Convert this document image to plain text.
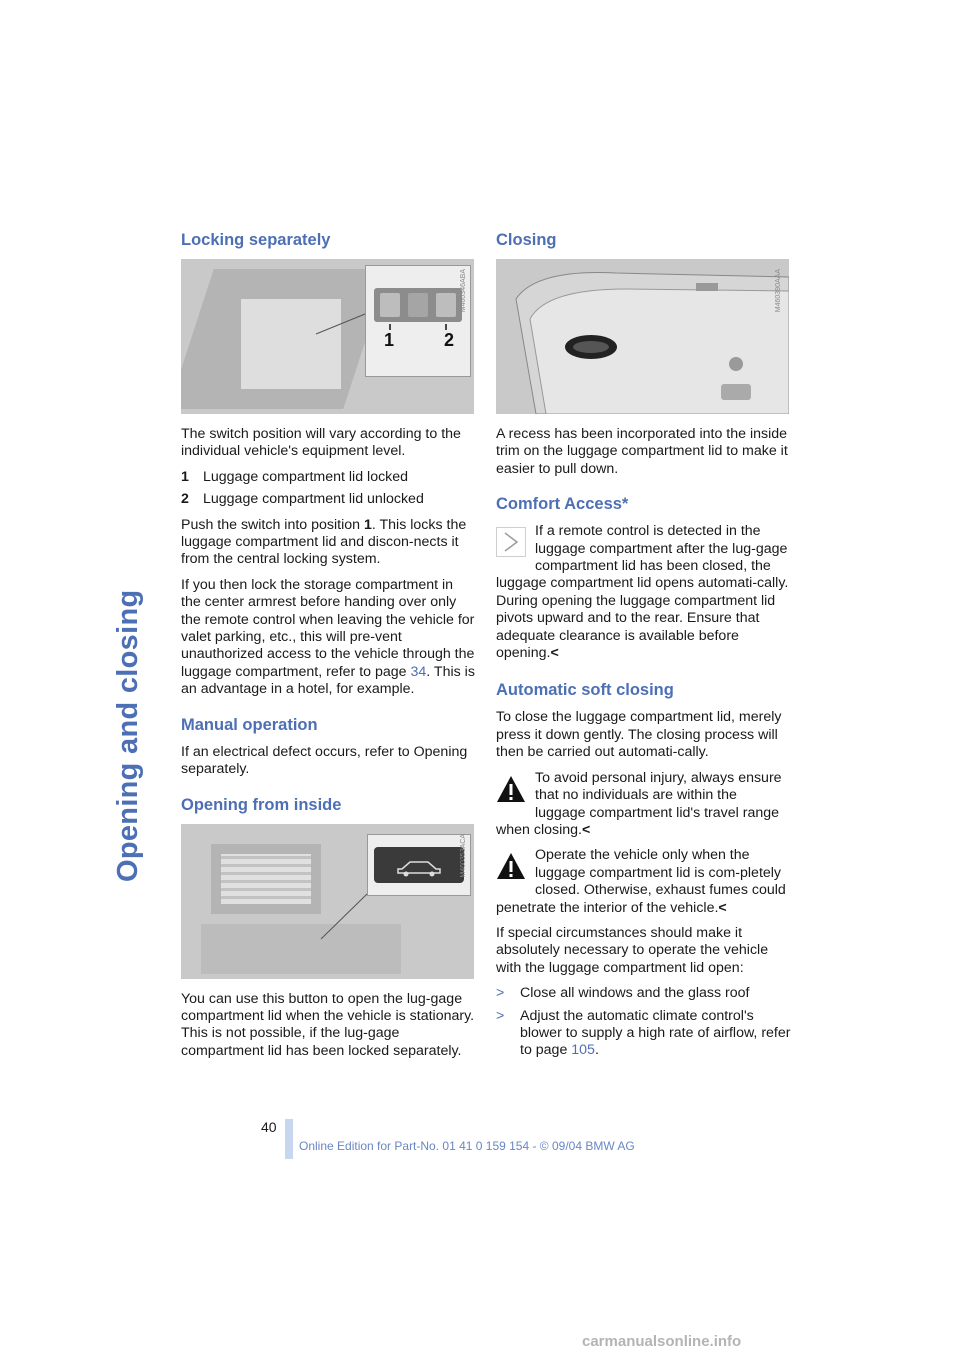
Opening and closing
Locking separately
1	2
M460346ABA

The switch position will vary according to the individual vehicle's equipment level.

1 Luggage compartment lid locked
2 Luggage compartment lid unlocked

Push the switch into position 1. This locks the luggage compartment lid and discon-nects it from the central locking system.

If you then lock the storage compartment in the center armrest before handing over only the remote control when leaving the vehicle for valet parking, etc., this will pre-vent unauthorized access to the vehicle through the luggage compartment, refer to page 34. This is an advantage in a hotel, for example.

Manual operation

If an electrical defect occurs, refer to Opening separately.

Opening from inside
M460353ACA

You can use this button to open the lug-gage compartment lid when the vehicle is stationary. This is not possible, if the lug-gage compartment lid has been locked separately.

Closing
M460390AAA

A recess has been incorporated into the inside trim on the luggage compartment lid to make it easier to pull down.

Comfort Access*
If a remote control is detected in the luggage compartment after the lug-gage compartment lid has been closed, the luggage compartment lid opens automati-cally.
During opening the luggage compartment lid pivots upward and to the rear. Ensure that adequate clearance is available before opening.<
Automatic soft closing

To close the luggage compartment lid, merely press it down gently. The closing process will then be carried out automati-cally.

To avoid personal injury, always ensure that no individuals are within the luggage compartment lid's travel range when closing.<
Operate the vehicle only when the luggage compartment lid is com-pletely closed. Otherwise, exhaust fumes could penetrate the interior of the vehicle.<

If special circumstances should make it absolutely necessary to operate the vehicle with the luggage compartment lid open:

>	Close all windows and the glass roof
>	Adjust the automatic climate control's blower to supply a high rate of airflow, refer to page 105.
40
Online Edition for Part-No. 01 41 0 159 154 - © 09/04 BMW AG
carmanualsonline.info
